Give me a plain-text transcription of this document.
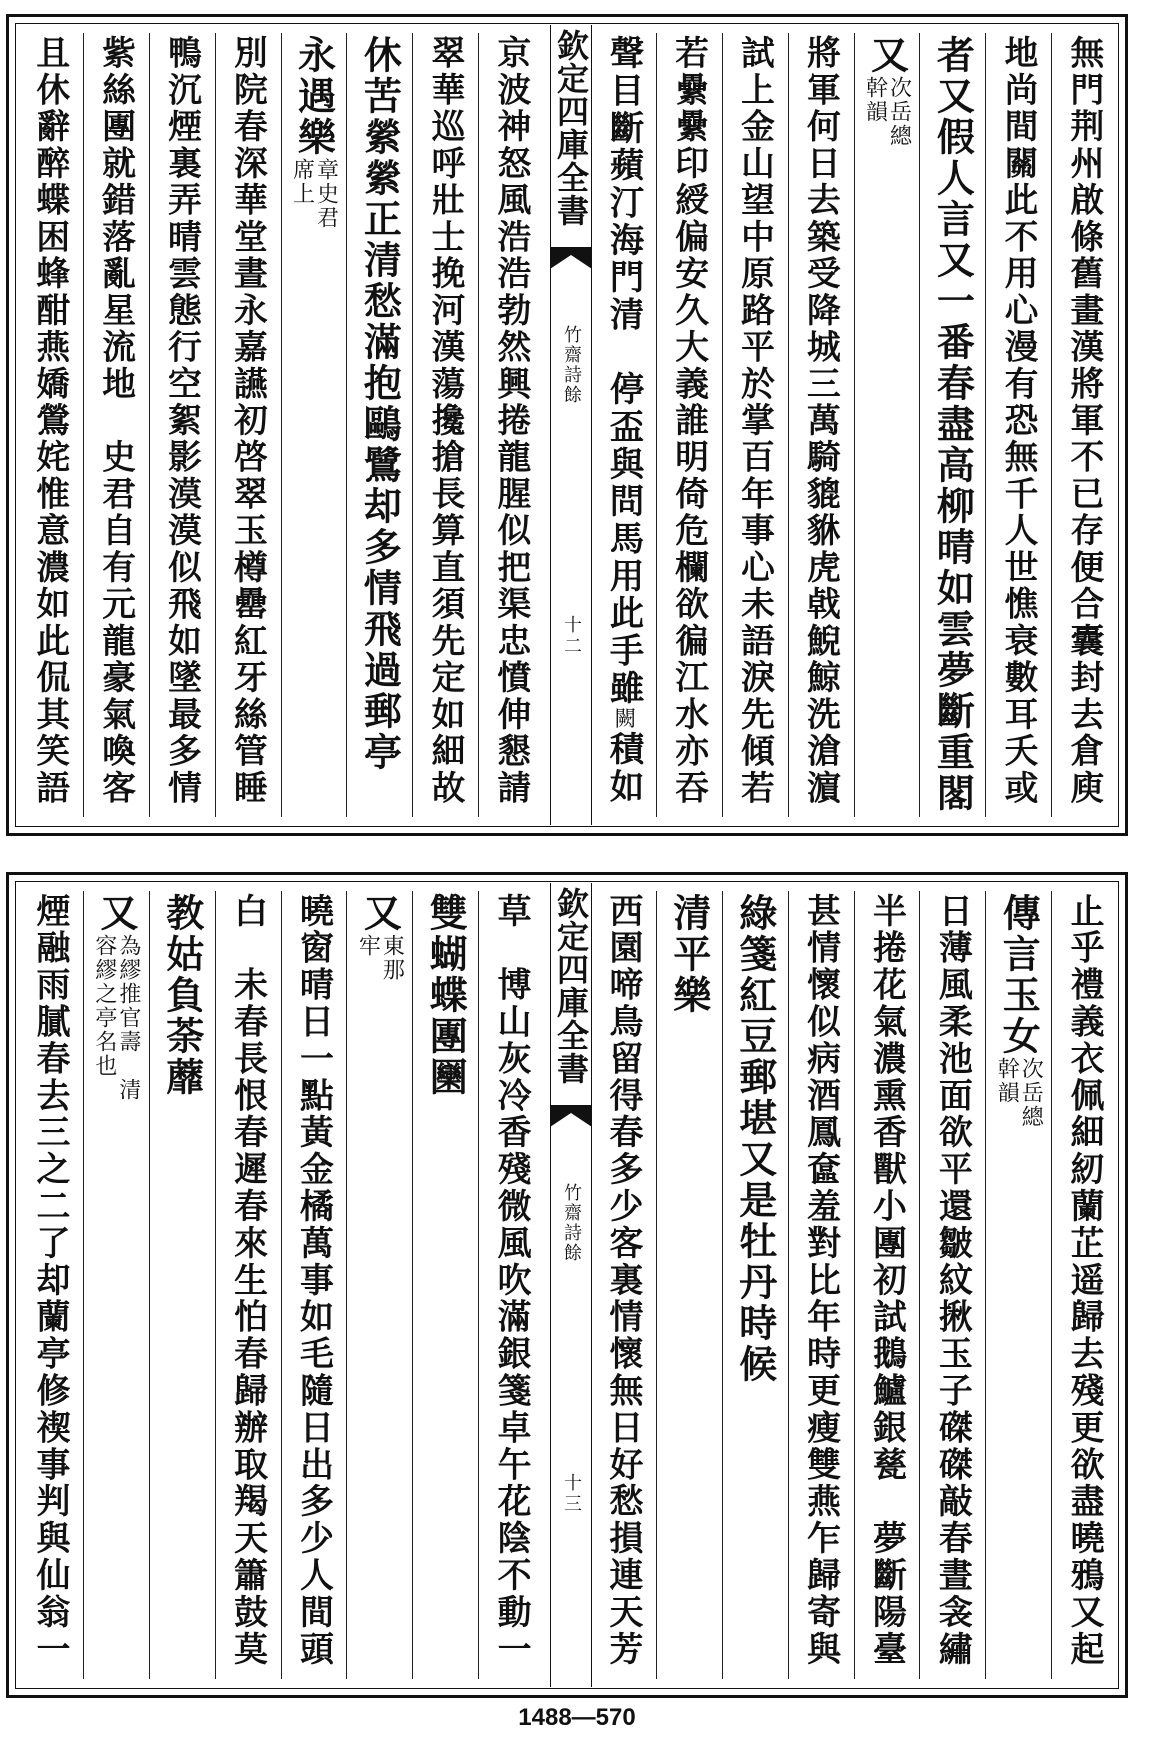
無門荆州啟條舊畫漢將軍不已存便合囊封去倉庾
地尚間關此不用心漫有恐無千人世憔衰數耳夭或
者又假人言又一番春盡高柳晴如雲夢斷重閣
又
次岳總
幹韻
將軍何日去築受降城三萬騎貔貅虎㦸鯢鯨洗滄濵
試上金山望中原路平於掌百年事心未語淚先傾若
若纍纍印綬偏安久大義誰明倚危欄欲徧江水亦吞
聲目斷蘋汀海門清　停盃與問馬用此手雖
闕
積如
欽定四庫全書
竹齋詩餘
十二
京波神怒風浩浩勃然興捲龍腥似把渠忠憤伸懇請
翠華巡呼壯士挽河漢蕩攙搶長算直須先定如細故
休苦縈縈正清愁滿抱鷗鷺却多情飛過郵亭
永遇樂
章史君
席上
別院春深華堂晝永嘉讌初啓翠玉樽罍紅牙絲管睡
鴨沉煙裏弄晴雲態行空絮影漠漠似飛如墜最多情
紫絲團就錯落亂星流地　史君自有元龍豪氣喚客
且休辭醉蝶困蜂酣燕嬌鶯姹惟意濃如此侃其笑語
止乎禮義衣佩細紉蘭芷遥歸去殘更欲盡曉鴉又起
傳言玉女
次岳總
幹韻
日薄風柔池面欲平還皺紋揪玉子磔磔敲春晝衾繡
半捲花氣濃熏香獸小團初試鵝鱸銀甆　夢斷陽臺
甚情懷似病酒鳳奩羞對比年時更瘦雙燕乍歸寄與
綠箋紅豆郵堪又是牡丹時候
清平樂
西園啼鳥留得春多少客裏情懷無日好愁損連天芳
欽定四庫全書
竹齋詩餘
十三
草　博山灰冷香殘微風吹滿銀箋卓午花陰不動一
雙蝴蝶團圞
又
東那
牢
曉窗晴日一點黃金橘萬事如毛隨日出多少人間頭
白　未春長恨春遲春來生怕春歸辦取羯天簫鼓莫
教姑負荼蘼
又
為繆推官壽　清
容繆之亭名也
煙融雨膩春去三之二了却蘭亭修禊事判與仙翁一
1488—570
